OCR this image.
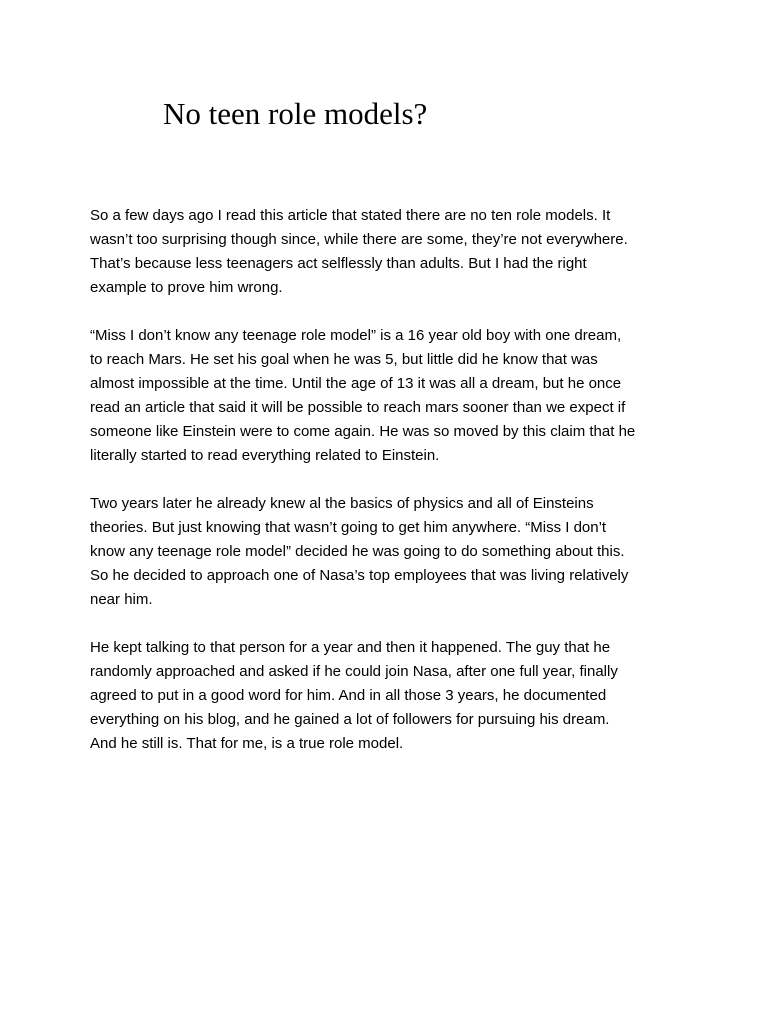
No teen role models?

So a few days ago I read this article that stated there are no ten role models. It
wasn’t too surprising though since, while there are some, they’re not everywhere.
That’s because less teenagers act selflessly than adults. But I had the right
example to prove him wrong.

“Miss I don’t know any teenage role model” is a 16 year old boy with one dream,
to reach Mars. He set his goal when he was 5, but little did he know that was
almost impossible at the time. Until the age of 13 it was all a dream, but he once
read an article that said it will be possible to reach mars sooner than we expect if
someone like Einstein were to come again. He was so moved by this claim that he
literally started to read everything related to Einstein.

Two years later he already knew al the basics of physics and all of Einsteins
theories. But just knowing that wasn’t going to get him anywhere. “Miss I don’t
know any teenage role model” decided he was going to do something about this.
So he decided to approach one of Nasa’s top employees that was living relatively
near him.

He kept talking to that person for a year and then it happened. The guy that he
randomly approached and asked if he could join Nasa, after one full year, finally
agreed to put in a good word for him. And in all those 3 years, he documented
everything on his blog, and he gained a lot of followers for pursuing his dream.
And he still is. That for me, is a true role model.
